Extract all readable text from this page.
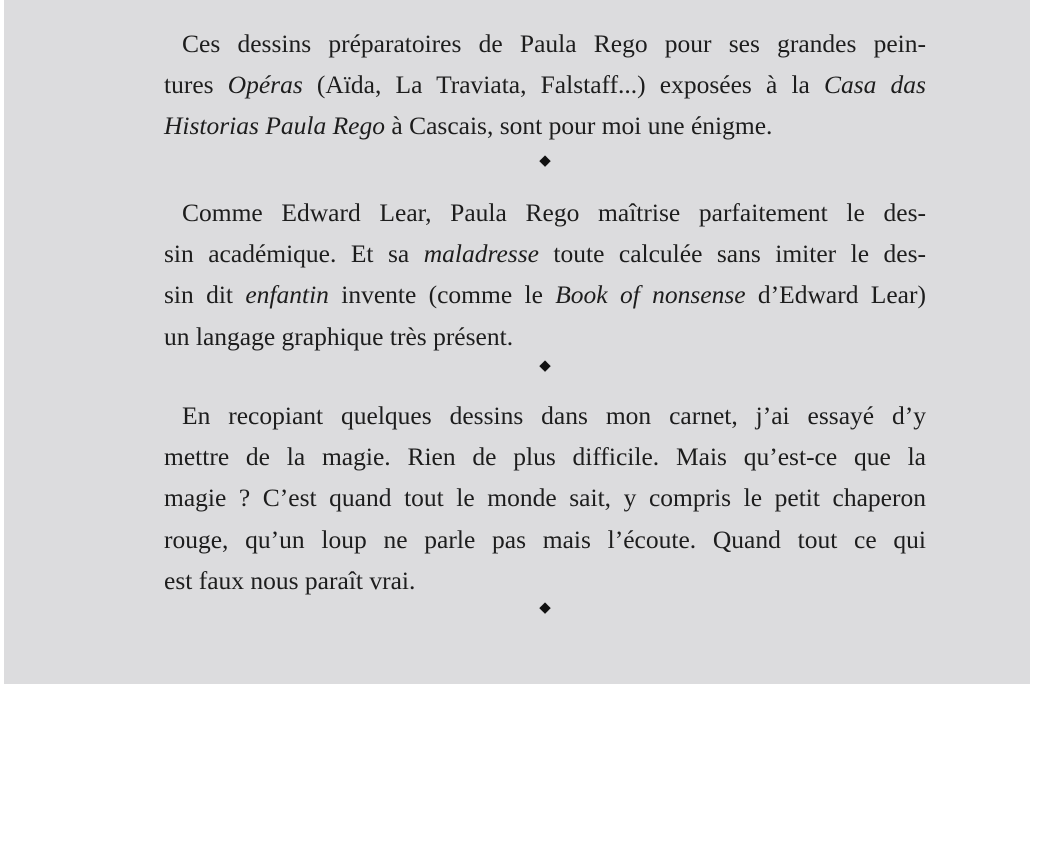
Ces dessins préparatoires de Paula Rego pour ses grandes pein-
tures Opéras (Aïda, La Traviata, Falstaff...) exposées à la Casa das
Historias Paula Rego à Cascais, sont pour moi une énigme.
◆
Comme Edward Lear, Paula Rego maîtrise parfaitement le des-
sin académique. Et sa maladresse toute calculée sans imiter le des-
sin dit enfantin invente (comme le Book of nonsense d’Edward Lear)
un langage graphique très présent.
◆
En recopiant quelques dessins dans mon carnet, j’ai essayé d’y
mettre de la magie. Rien de plus difficile. Mais qu’est-ce que la
magie ? C’est quand tout le monde sait, y compris le petit chaperon
rouge, qu’un loup ne parle pas mais l’écoute. Quand tout ce qui
est faux nous paraît vrai.
◆
